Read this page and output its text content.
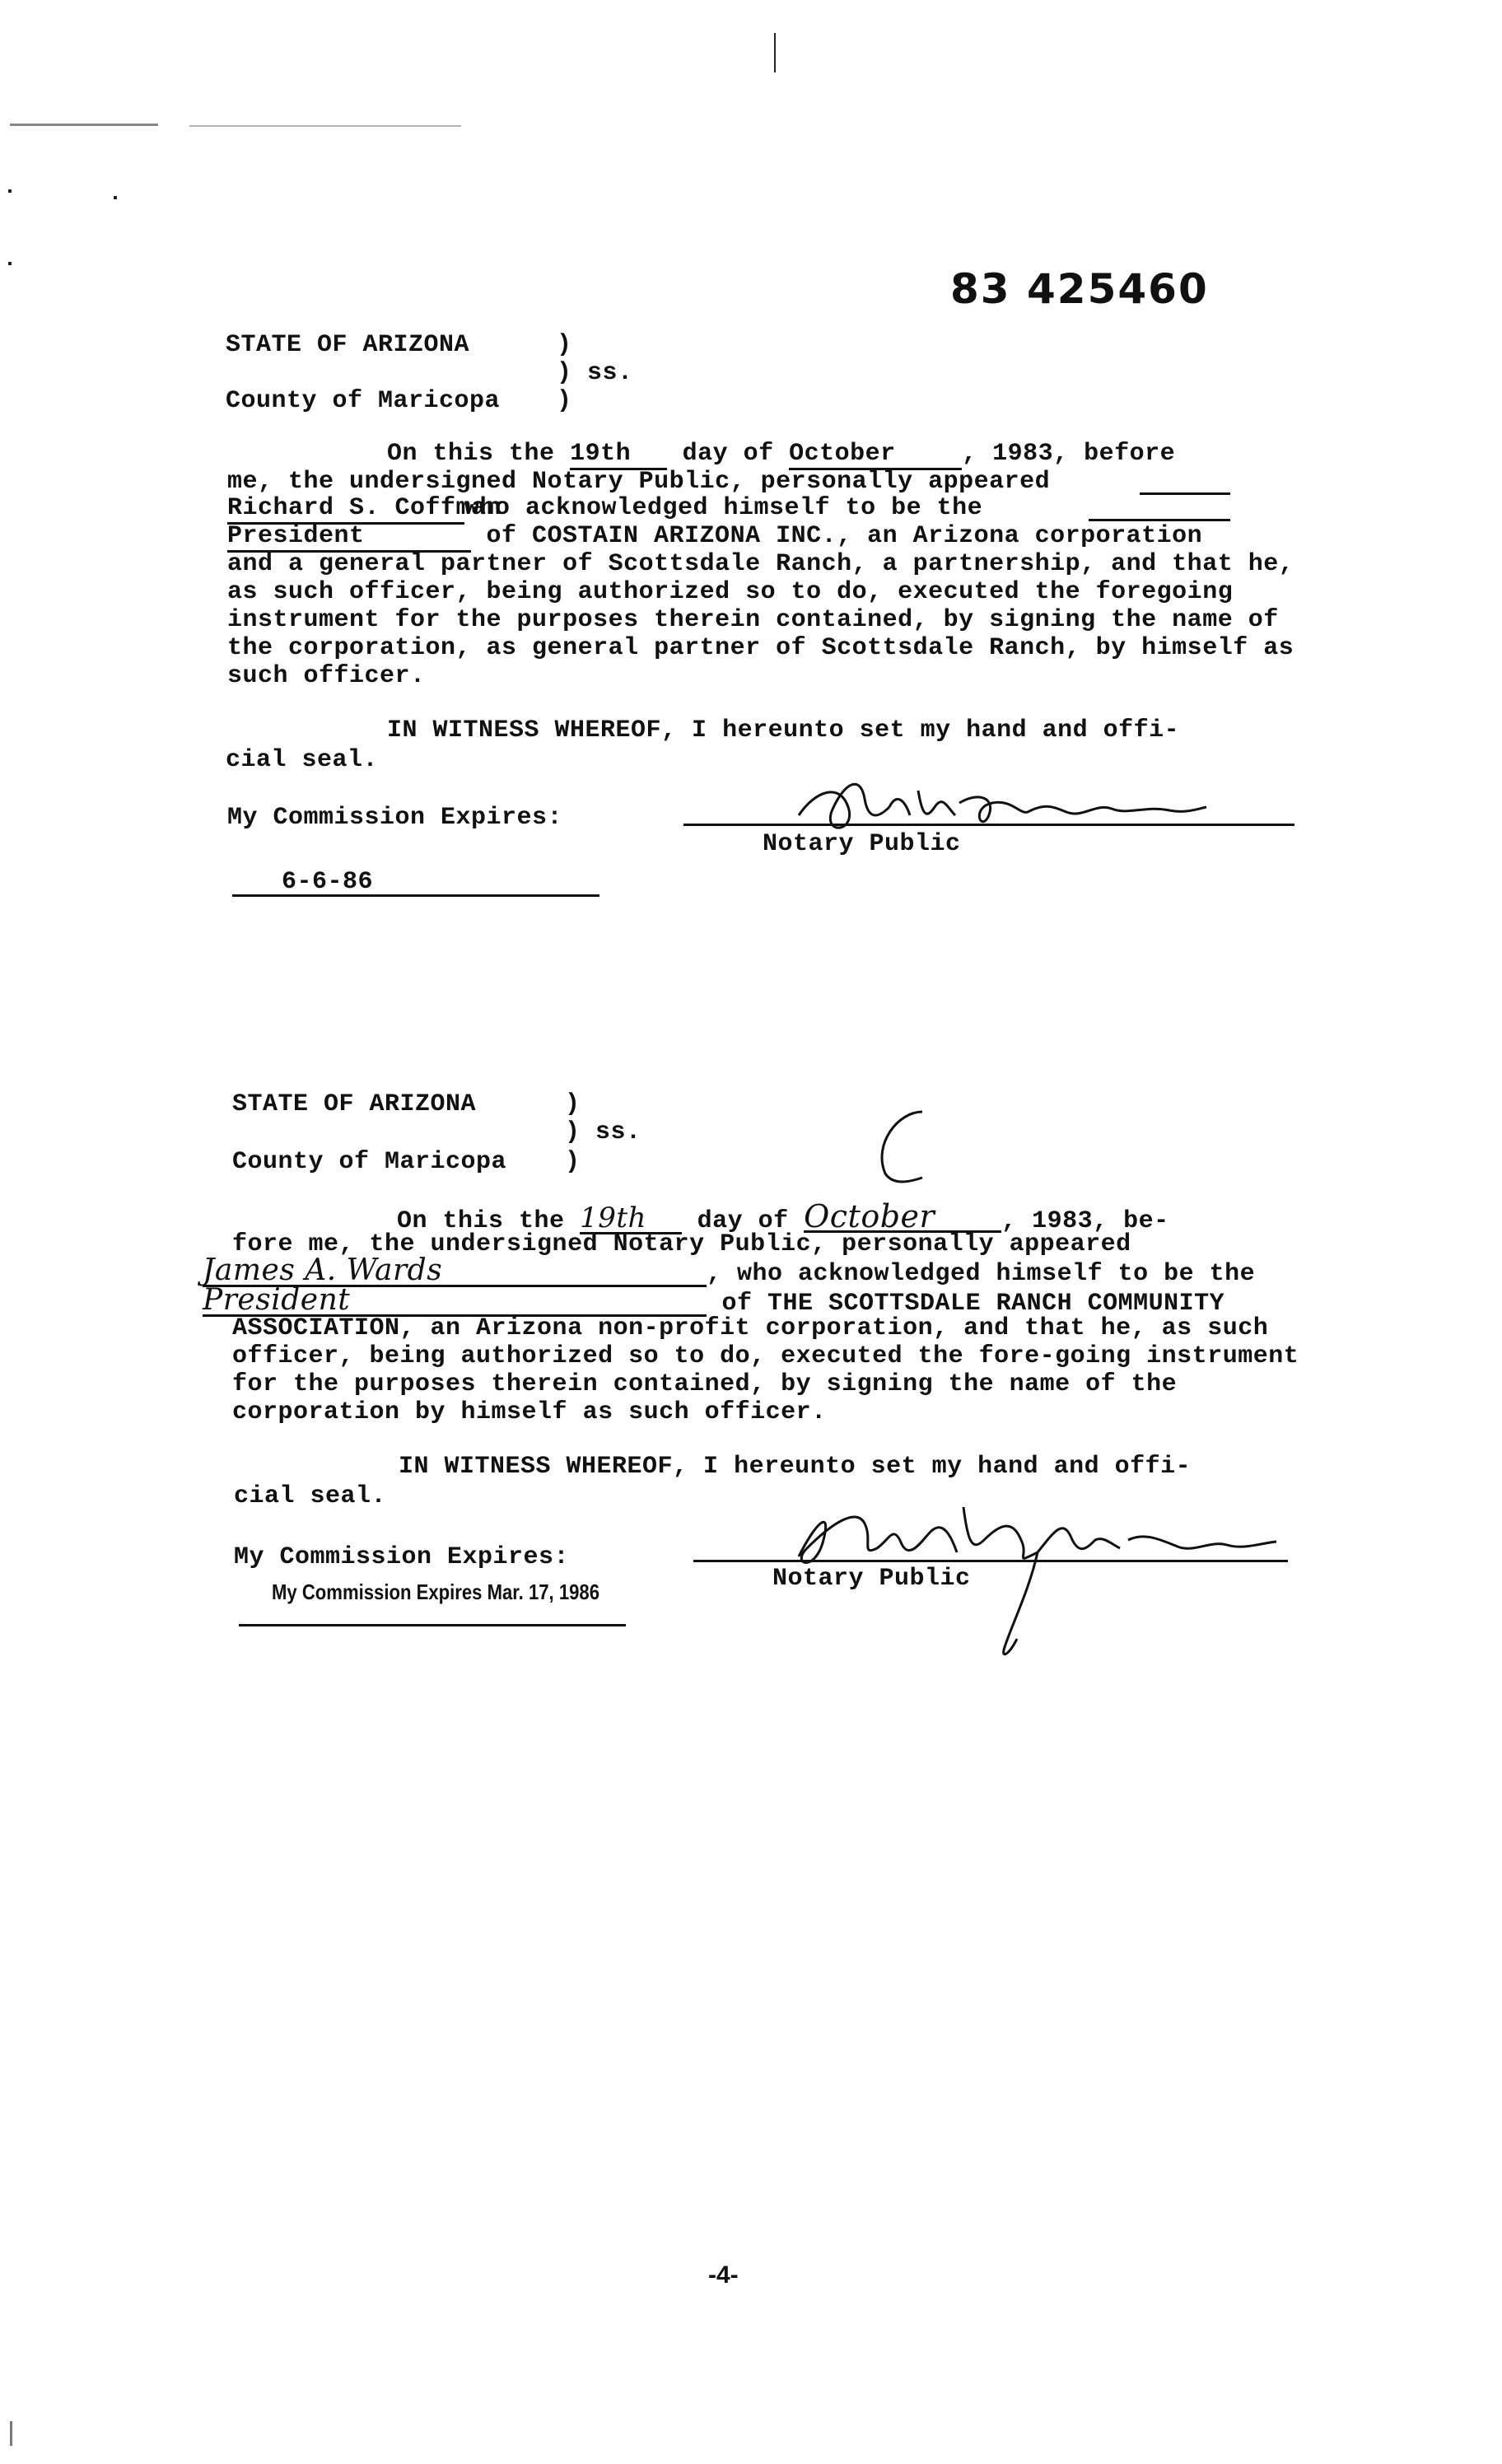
83 425460
STATE OF ARIZONA	)
) ss.
County of Maricopa )
On this the 19th day of October	, 1983, before
me, the undersigned Notary Public, personally appeared
Richard S. Coffmanwho acknowledged himself to be the
President	of COSTAIN ARIZONA INC., an Arizona corporation
and a general partner of Scottsdale Ranch, a partnership, and that he, as such officer, being authorized so to do, executed the foregoing instrument for the purposes therein contained, by signing the name of the corporation, as general partner of Scottsdale Ranch, by himself as such officer.
IN WITNESS WHEREOF, I hereunto set my hand and offi-
cial seal.
My Commission Expires:
6-6-86
Notary Public
STATE OF ARIZONA	)
) ss.
County of Maricopa )
On this the 19th day of October	, 1983, be-
fore me, the undersigned Notary Public, personally appeared
James A. Wards	, who acknowledged himself to be the
President	of THE SCOTTSDALE RANCH COMMUNITY
ASSOCIATION, an Arizona non-profit corporation, and that he, as such officer, being authorized so to do, executed the fore-going instrument for the purposes therein contained, by signing the name of the corporation by himself as such officer.
IN WITNESS WHEREOF, I hereunto set my hand and offi-
cial seal.
My Commission Expires:
My Commission Expires Mar. 17, 1986	Notary Public
-4-
